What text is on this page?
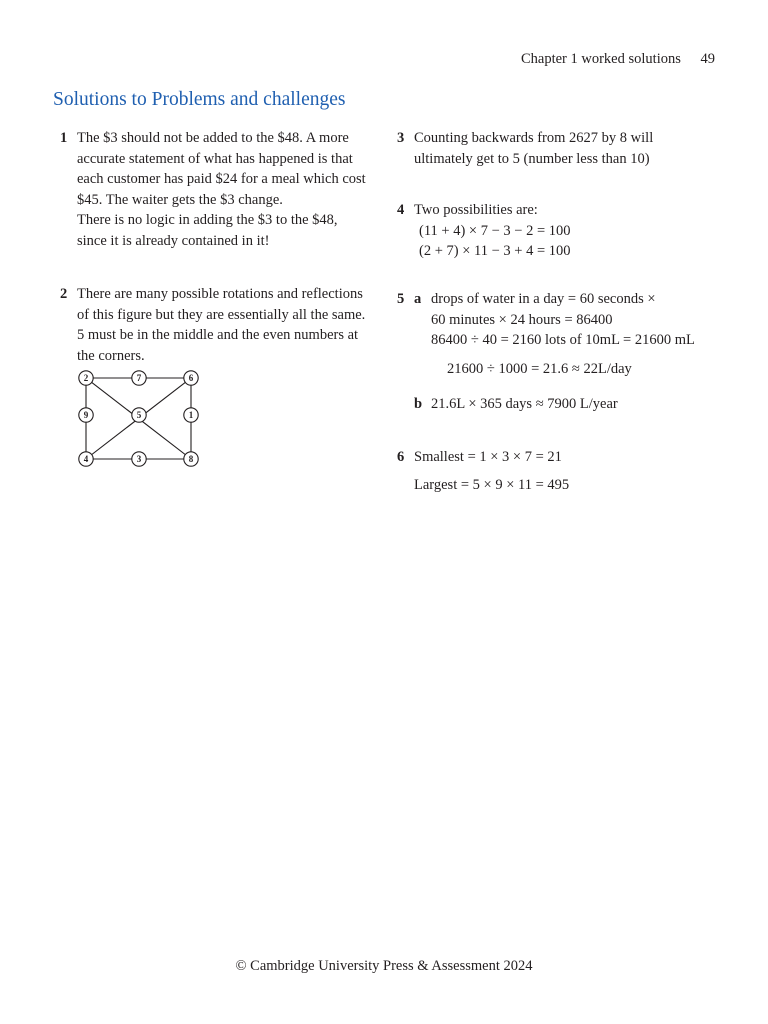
Chapter 1 worked solutions 49
Solutions to Problems and challenges
1 The $3 should not be added to the $48. A more
accurate statement of what has happened is that
each customer has paid $24 for a meal which cost
$45. The waiter gets the $3 change.
There is no logic in adding the $3 to the $48,
since it is already contained in it!
2 There are many possible rotations and reflections
of this figure but they are essentially all the same.
5 must be in the middle and the even numbers at
the corners.
2	7	6
9	5	1
4	3	8
3 Counting backwards from 2627 by 8 will
ultimately get to 5 (number less than 10)
4 Two possibilities are:
(11 + 4) × 7 − 3 − 2 = 100
(2 + 7) × 11 − 3 + 4 = 100
5 a drops of water in a day = 60 seconds ×
60 minutes × 24 hours = 86400
86400 ÷ 40 = 2160 lots of 10mL = 21600 mL
21600 ÷ 1000 = 21.6 ≈ 22L/day
b 21.6L × 365 days ≈ 7900 L/year
6 Smallest = 1 × 3 × 7 = 21
Largest = 5 × 9 × 11 = 495
© Cambridge University Press & Assessment 2024
